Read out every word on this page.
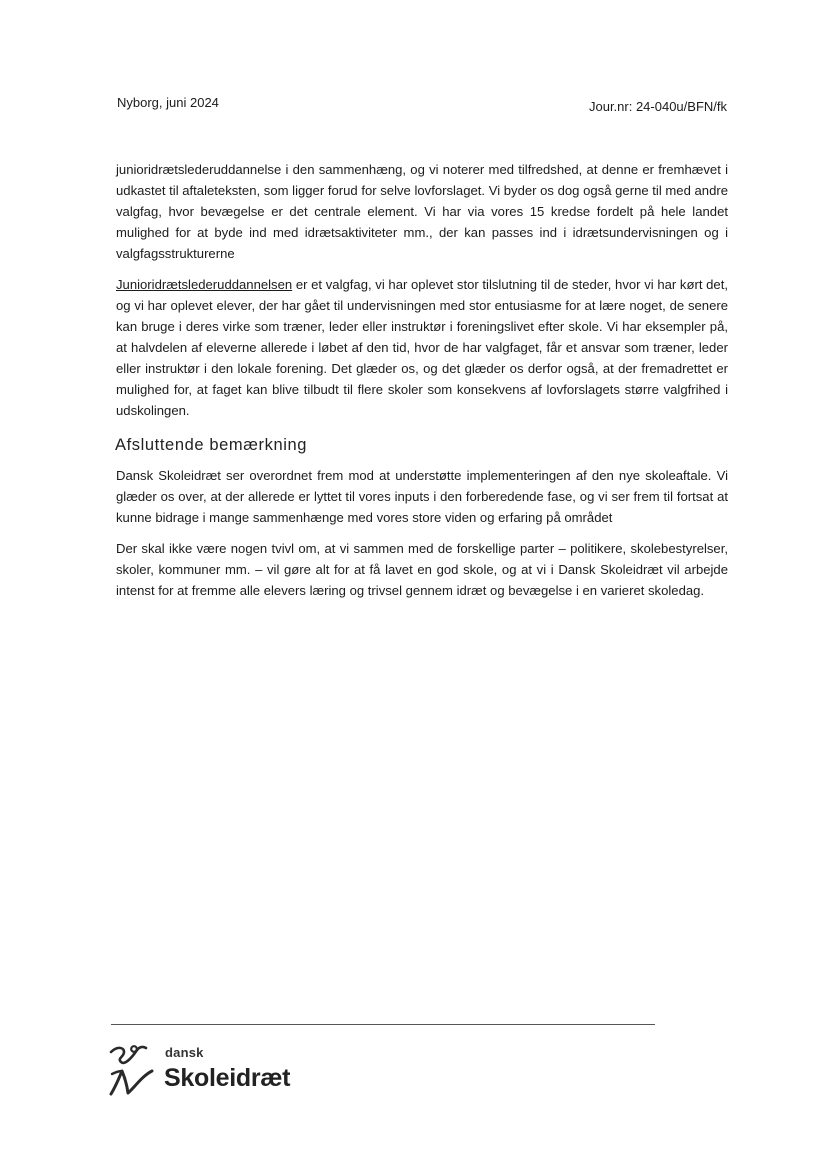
Nyborg, juni 2024	Jour.nr: 24-040u/BFN/fk

junioridrætslederuddannelse i den sammenhæng, og vi noterer med tilfredshed, at denne er fremhævet i udkastet til aftaleteksten, som ligger forud for selve lovforslaget. Vi byder os dog også gerne til med andre valgfag, hvor bevægelse er det centrale element. Vi har via vores 15 kredse fordelt på hele landet mulighed for at byde ind med idrætsaktiviteter mm., der kan passes ind i idrætsundervisningen og i valgfagsstrukturerne

Junioridrætslederuddannelsen er et valgfag, vi har oplevet stor tilslutning til de steder, hvor vi har kørt det, og vi har oplevet elever, der har gået til undervisningen med stor entusiasme for at lære noget, de senere kan bruge i deres virke som træner, leder eller instruktør i foreningslivet efter skole. Vi har eksempler på, at halvdelen af eleverne allerede i løbet af den tid, hvor de har valgfaget, får et ansvar som træner, leder eller instruktør i den lokale forening. Det glæder os, og det glæder os derfor også, at der fremadrettet er mulighed for, at faget kan blive tilbudt til flere skoler som konsekvens af lovforslagets større valgfrihed i udskolingen.

Afsluttende bemærkning

Dansk Skoleidræt ser overordnet frem mod at understøtte implementeringen af den nye skoleaftale. Vi glæder os over, at der allerede er lyttet til vores inputs i den forberedende fase, og vi ser frem til fortsat at kunne bidrage i mange sammenhænge med vores store viden og erfaring på området

Der skal ikke være nogen tvivl om, at vi sammen med de forskellige parter – politikere, skolebestyrelser, skoler, kommuner mm. – vil gøre alt for at få lavet en god skole, og at vi i Dansk Skoleidræt vil arbejde intenst for at fremme alle elevers læring og trivsel gennem idræt og bevægelse i en varieret skoledag.

dansk
Skoleidræt
